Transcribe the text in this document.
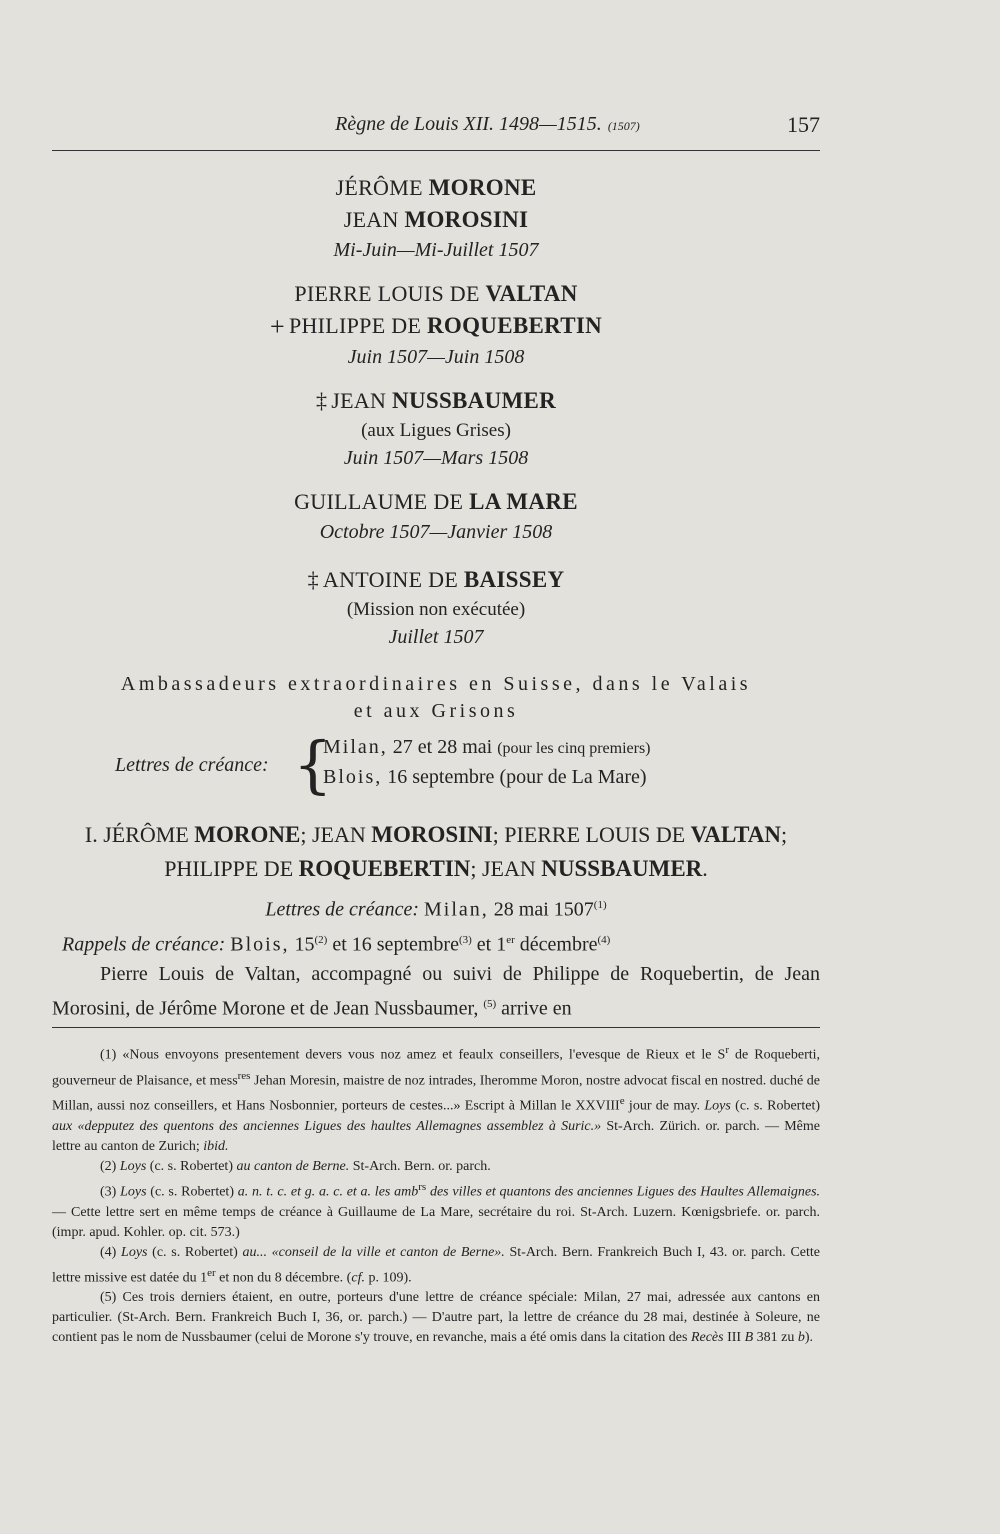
Règne de Louis XII. 1498—1515. (1507)	157
JÉRÔME MORONE
JEAN MOROSINI
Mi-Juin—Mi-Juillet 1507
PIERRE LOUIS DE VALTAN
+ PHILIPPE DE ROQUEBERTIN
Juin 1507—Juin 1508
‡ JEAN NUSSBAUMER
(aux Ligues Grises)
Juin 1507—Mars 1508
GUILLAUME DE LA MARE
Octobre 1507—Janvier 1508
‡ ANTOINE DE BAISSEY
(Mission non exécutée)
Juillet 1507
Ambassadeurs extraordinaires en Suisse, dans le Valais
et aux Grisons
Lettres de créance: {
Milan, 27 et 28 mai (pour les cinq premiers)
Blois, 16 septembre (pour de La Mare)
I. JÉRÔME MORONE; JEAN MOROSINI; PIERRE LOUIS DE VALTAN;
PHILIPPE DE ROQUEBERTIN; JEAN NUSSBAUMER.

Lettres de créance: Milan, 28 mai 1507$^{(1)}$

Rappels de créance: Blois, 15$^{(2)}$ et 16 septembre$^{(3)}$ et 1er décembre$^{(4)}$

Pierre Louis de Valtan, accompagné ou suivi de Philippe de Roquebertin, de Jean Morosini, de Jérôme Morone et de Jean Nussbaumer, $^{(5)}$ arrive en

(1) «Nous envoyons presentement devers vous noz amez et feaulx conseillers, l'evesque de Rieux et le $S^r$ de Roqueberti, gouverneur de Plaisance, et mess$^{res}$ Jehan Moresin, maistre de noz intrades, Iheromme Moron, nostre advocat fiscal en nostred. duché de Millan, aussi noz conseillers, et Hans Nosbonnier, porteurs de cestes...» Escript à Millan le XXVIIIe jour de may. Loys (c. s. Robertet) aux «depputez des quentons des anciennes Ligues des haultes Allemagnes assemblez à Suric.» St-Arch. Zürich. or. parch. — Même lettre au canton de Zurich; ibid.

(2) Loys (c. s. Robertet) au canton de Berne. St-Arch. Bern. or. parch.

(3) Loys (c. s. Robertet) a. n. t. c. et g. a. c. et a. les amb$^{rs}$ des villes et quantons des anciennes Ligues des Haultes Allemaignes. — Cette lettre sert en même temps de créance à Guillaume de La Mare, secrétaire du roi. St-Arch. Luzern. Kœnigsbriefe. or. parch. (impr. apud. Kohler. op. cit. 573.)

(4) Loys (c. s. Robertet) au... «conseil de la ville et canton de Berne». St-Arch. Bern. Frankreich Buch I, 43. or. parch. Cette lettre missive est datée du 1er et non du 8 décembre. (cf. p. 109).

(5) Ces trois derniers étaient, en outre, porteurs d'une lettre de créance spéciale: Milan, 27 mai, adressée aux cantons en particulier. (St-Arch. Bern. Frankreich Buch I, 36, or. parch.) — D'autre part, la lettre de créance du 28 mai, destinée à Soleure, ne contient pas le nom de Nussbaumer (celui de Morone s'y trouve, en revanche, mais a été omis dans la citation des Recès III B 381 zu b).
